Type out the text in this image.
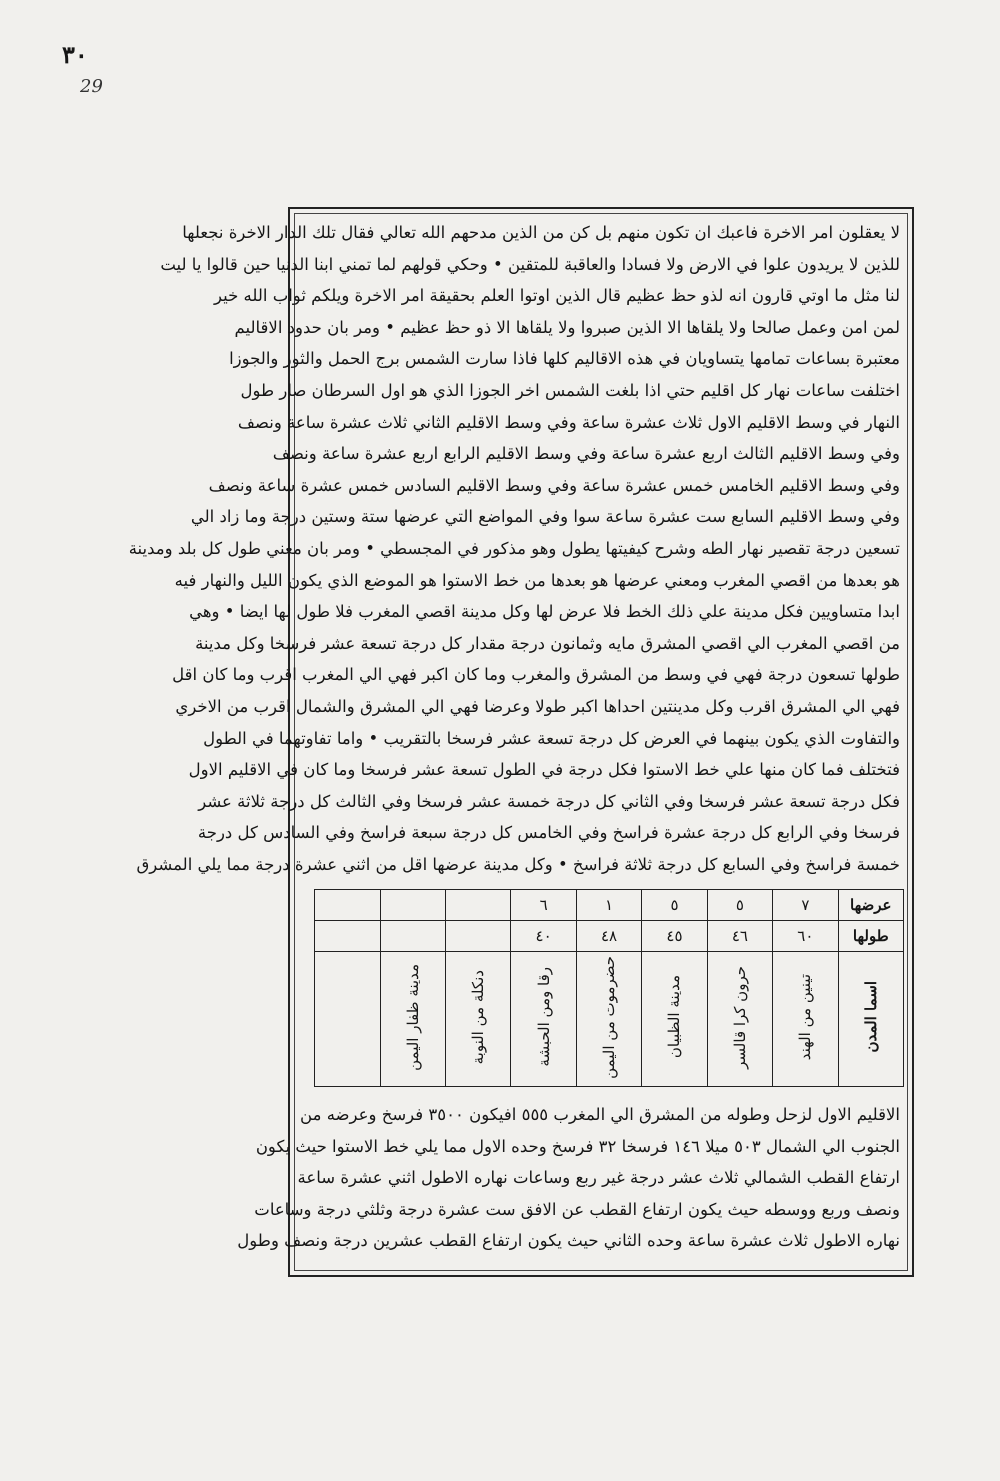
٣٠
29

لا يعقلون امر الاخرة فاعبك ان تكون منهم بل كن من الذين مدحهم الله تعالي فقال تلك الدار الاخرة نجعلها

للذين لا يريدون علوا في الارض ولا فسادا والعاقبة للمتقين • وحكي قولهم لما تمني ابنا الدنيا حين قالوا يا ليت

لنا مثل ما اوتي قارون انه لذو حظ عظيم قال الذين اوتوا العلم بحقيقة امر الاخرة ويلكم ثواب الله خير

لمن امن وعمل صالحا ولا يلقاها الا الذين صبروا ولا يلقاها الا ذو حظ عظيم • ومر بان حدود الاقاليم

معتبرة بساعات تمامها يتساويان في هذه الاقاليم كلها فاذا سارت الشمس برج الحمل والثور والجوزا

اختلفت ساعات نهار كل اقليم حتي اذا بلغت الشمس اخر الجوزا الذي هو اول السرطان صار طول

النهار في وسط الاقليم الاول ثلاث عشرة ساعة وفي وسط الاقليم الثاني ثلاث عشرة ساعة ونصف

وفي وسط الاقليم الثالث اربع عشرة ساعة وفي وسط الاقليم الرابع اربع عشرة ساعة ونصف

وفي وسط الاقليم الخامس خمس عشرة ساعة وفي وسط الاقليم السادس خمس عشرة ساعة ونصف

وفي وسط الاقليم السابع ست عشرة ساعة سوا وفي المواضع التي عرضها ستة وستين درجة وما زاد الي

تسعين درجة تقصير نهار الطه وشرح كيفيتها يطول وهو مذكور في المجسطي • ومر بان معني طول كل بلد ومدينة

هو بعدها من اقصي المغرب ومعني عرضها هو بعدها من خط الاستوا هو الموضع الذي يكون الليل والنهار فيه

ابدا متساويين فكل مدينة علي ذلك الخط فلا عرض لها وكل مدينة اقصي المغرب فلا طول لها ايضا • وهي

من اقصي المغرب الي اقصي المشرق مايه وثمانون درجة مقدار كل درجة تسعة عشر فرسخا وكل مدينة

طولها تسعون درجة فهي في وسط من المشرق والمغرب وما كان اكبر فهي الي المغرب اقرب وما كان اقل

فهي الي المشرق اقرب وكل مدينتين احداها اكبر طولا وعرضا فهي الي المشرق والشمال اقرب من الاخري

والتفاوت الذي يكون بينهما في العرض كل درجة تسعة عشر فرسخا بالتقريب • واما تفاوتهما في الطول

فتختلف فما كان منها علي خط الاستوا فكل درجة في الطول تسعة عشر فرسخا وما كان في الاقليم الاول

فكل درجة تسعة عشر فرسخا وفي الثاني كل درجة خمسة عشر فرسخا وفي الثالث كل درجة ثلاثة عشر

فرسخا وفي الرابع كل درجة عشرة فراسخ وفي الخامس كل درجة سبعة فراسخ وفي السادس كل درجة

خمسة فراسخ وفي السابع كل درجة ثلاثة فراسخ • وكل مدينة عرضها اقل من اثني عشرة درجة مما يلي المشرق

عرضها	٧	٥	٥	١	٦			
طولها	٦٠	٤٦	٤٥	٤٨	٤٠			
اسما المدن	تينين من الهند	حرون كرا قالسر	مدينة الظبيان	حضرموت من اليمن	رقا ومن الحبشة	دنكلة من النوبة	مدينة ظفار اليمن	

الاقليم الاول لزحل وطوله من المشرق الي المغرب ٥٥٥ افيكون ٣٥٠٠ فرسخ وعرضه من

الجنوب الي الشمال ٥٠٣ ميلا ١٤٦ فرسخا ٣٢ فرسخ وحده الاول مما يلي خط الاستوا حيث يكون

ارتفاع القطب الشمالي ثلاث عشر درجة غير ربع وساعات نهاره الاطول اثني عشرة ساعة

ونصف وربع ووسطه حيث يكون ارتفاع القطب عن الافق ست عشرة درجة وثلثي درجة وساعات

نهاره الاطول ثلاث عشرة ساعة وحده الثاني حيث يكون ارتفاع القطب عشرين درجة ونصف وطول
